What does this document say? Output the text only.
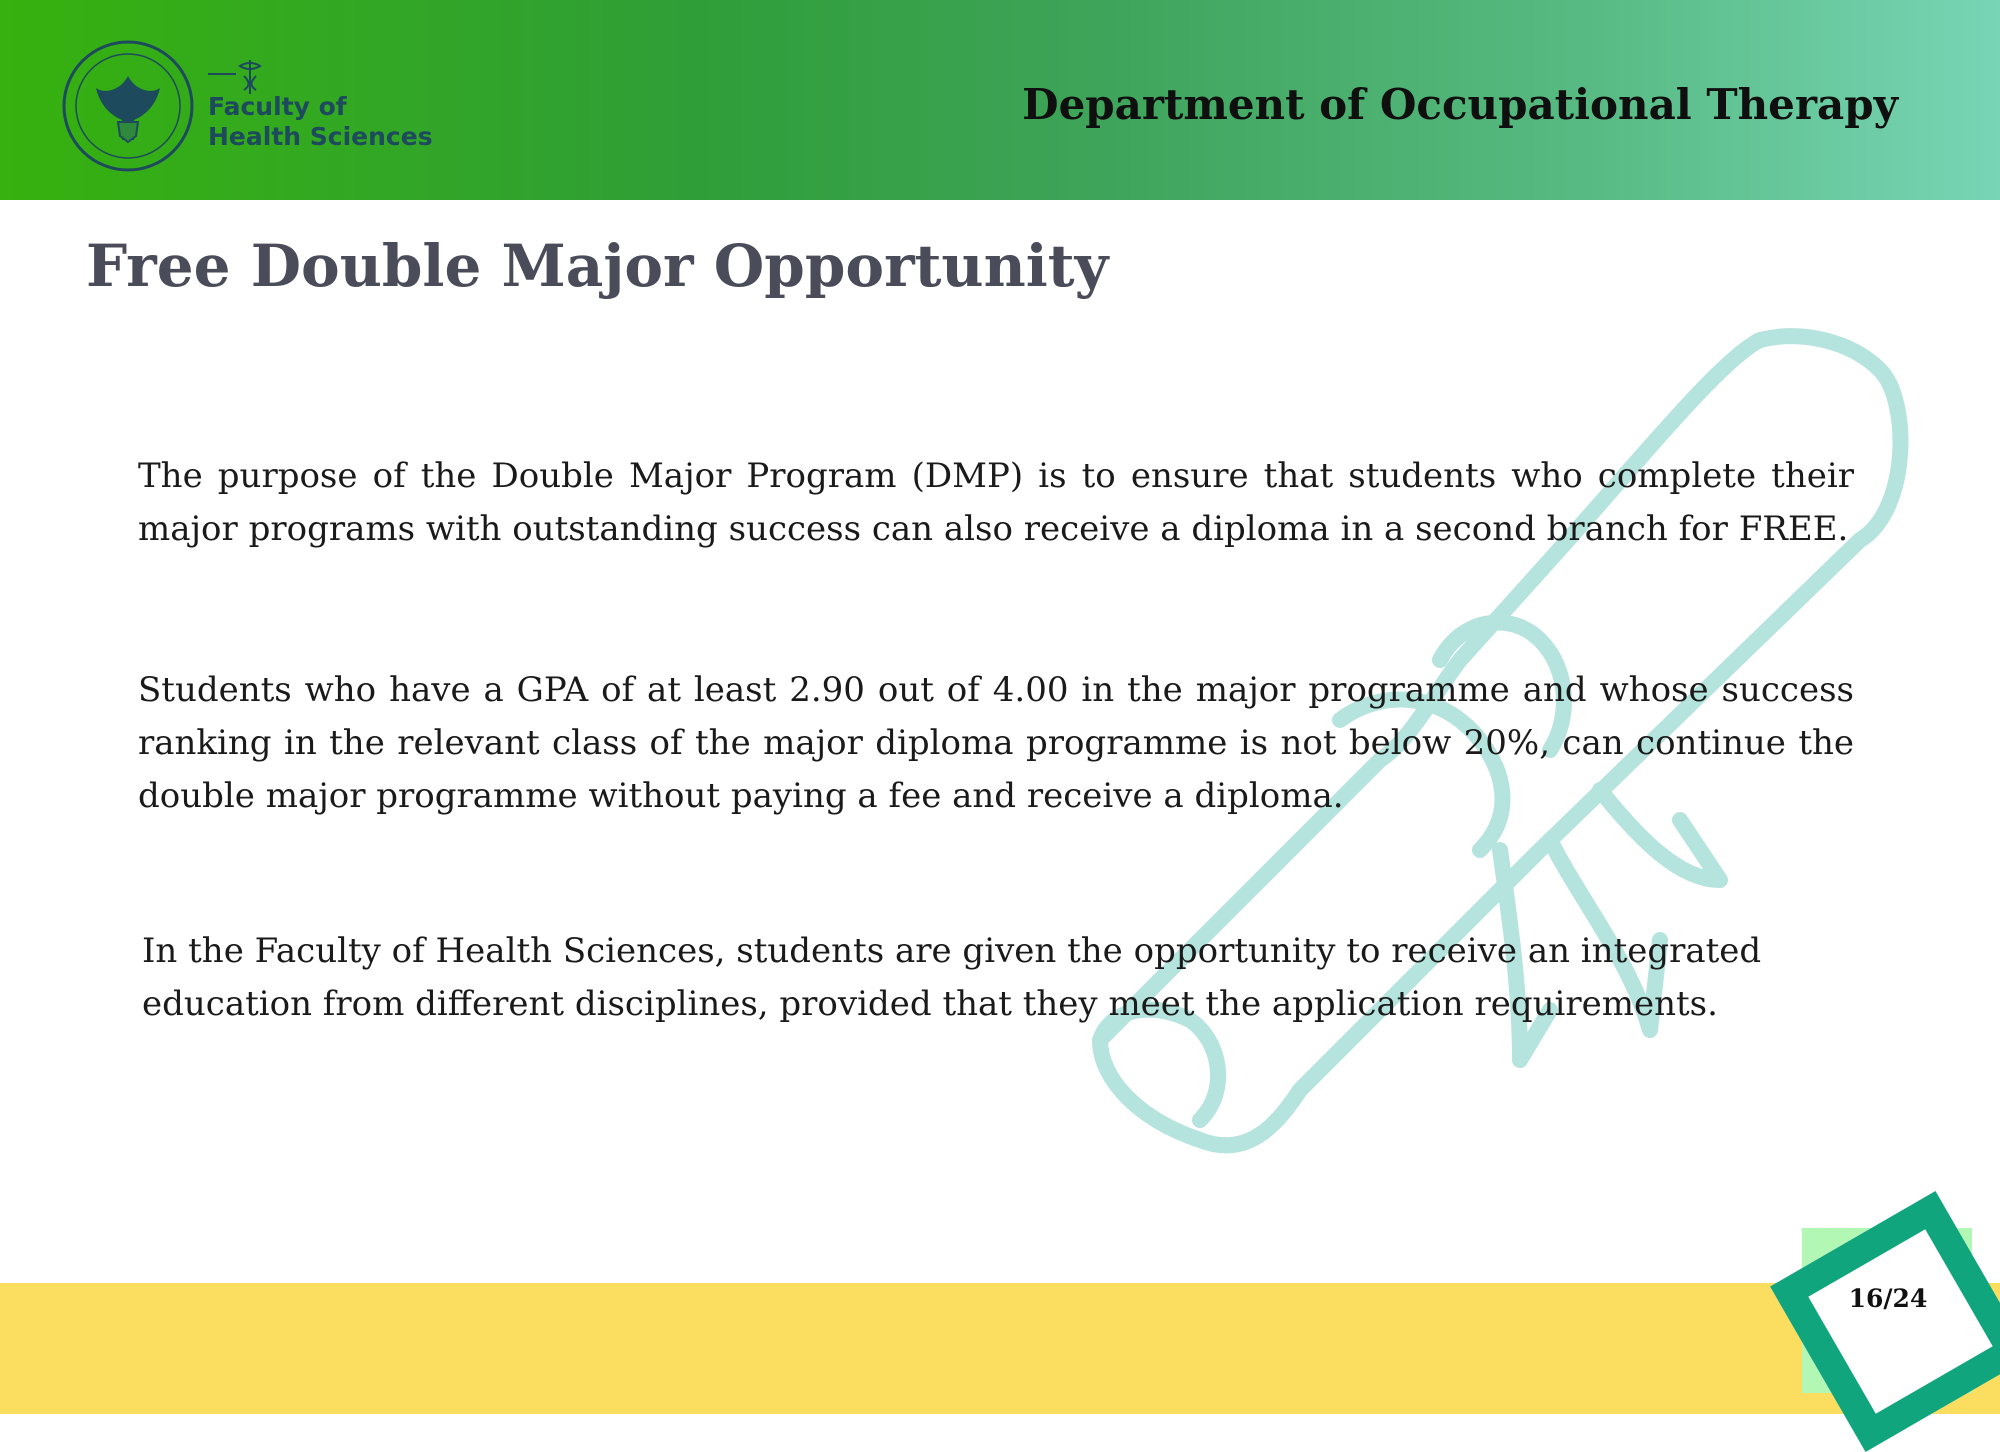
Faculty of
Health Sciences
Department of Occupational Therapy
Free Double Major Opportunity
The purpose of the Double Major Program (DMP) is to ensure that students who complete their major programs with outstanding success can also receive a diploma in a second branch for FREE.
Students who have a GPA of at least 2.90 out of 4.00 in the major programme and whose success ranking in the relevant class of the major diploma programme is not below 20%, can continue the double major programme without paying a fee and receive a diploma.
In the Faculty of Health Sciences, students are given the opportunity to receive an integrated education from different disciplines, provided that they meet the application requirements.
16/24
